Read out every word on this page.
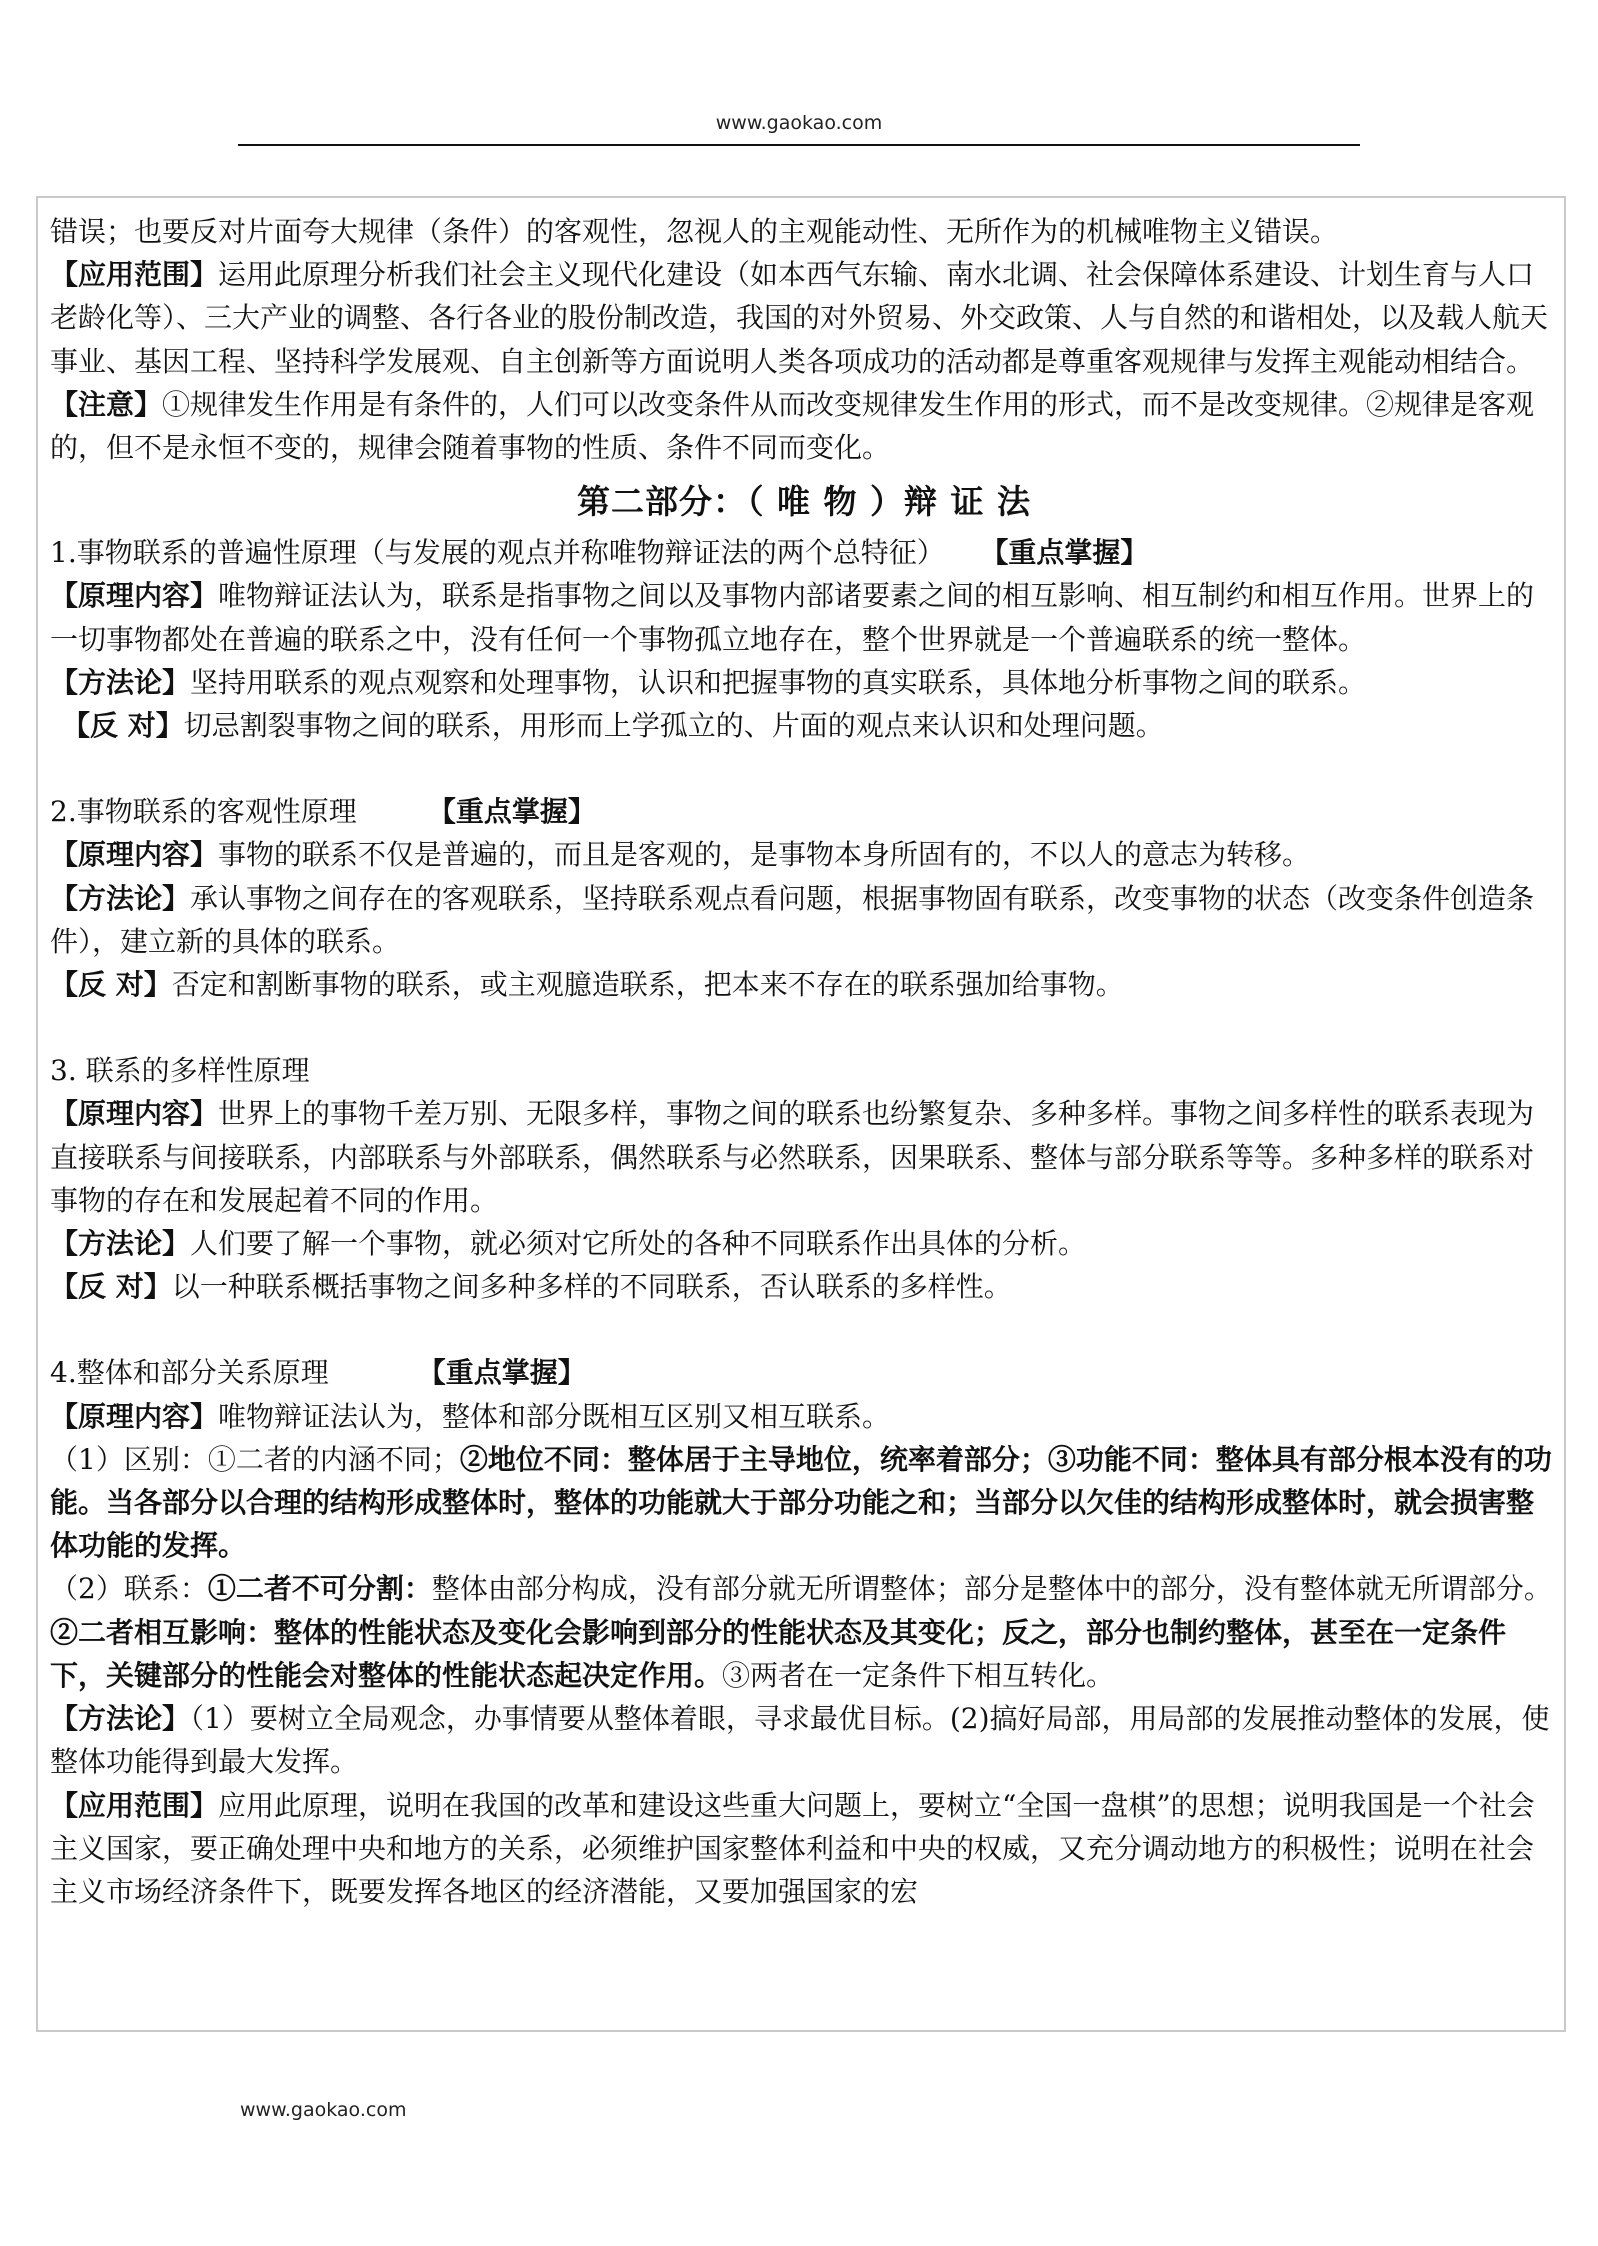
www.gaokao.com

错误；也要反对片面夸大规律（条件）的客观性，忽视人的主观能动性、无所作为的机械唯物主义错误。

【应用范围】运用此原理分析我们社会主义现代化建设（如本西气东输、南水北调、社会保障体系建设、计划生育与人口老龄化等）、三大产业的调整、各行各业的股份制改造，我国的对外贸易、外交政策、人与自然的和谐相处，以及载人航天事业、基因工程、坚持科学发展观、自主创新等方面说明人类各项成功的活动都是尊重客观规律与发挥主观能动相结合。

【注意】①规律发生作用是有条件的，人们可以改变条件从而改变规律发生作用的形式，而不是改变规律。②规律是客观的，但不是永恒不变的，规律会随着事物的性质、条件不同而变化。

第二部分：（ 唯 物 ）辩 证 法

1.事物联系的普遍性原理（与发展的观点并称唯物辩证法的两个总特征） 【重点掌握】

【原理内容】唯物辩证法认为，联系是指事物之间以及事物内部诸要素之间的相互影响、相互制约和相互作用。世界上的一切事物都处在普遍的联系之中，没有任何一个事物孤立地存在，整个世界就是一个普遍联系的统一整体。

【方法论】坚持用联系的观点观察和处理事物，认识和把握事物的真实联系，具体地分析事物之间的联系。

【反 对】切忌割裂事物之间的联系，用形而上学孤立的、片面的观点来认识和处理问题。

2.事物联系的客观性原理	【重点掌握】

【原理内容】事物的联系不仅是普遍的，而且是客观的，是事物本身所固有的，不以人的意志为转移。

【方法论】承认事物之间存在的客观联系，坚持联系观点看问题，根据事物固有联系，改变事物的状态（改变条件创造条件），建立新的具体的联系。

【反 对】否定和割断事物的联系，或主观臆造联系，把本来不存在的联系强加给事物。

3. 联系的多样性原理

【原理内容】世界上的事物千差万别、无限多样，事物之间的联系也纷繁复杂、多种多样。事物之间多样性的联系表现为直接联系与间接联系，内部联系与外部联系，偶然联系与必然联系，因果联系、整体与部分联系等等。多种多样的联系对事物的存在和发展起着不同的作用。

【方法论】人们要了解一个事物，就必须对它所处的各种不同联系作出具体的分析。

【反 对】以一种联系概括事物之间多种多样的不同联系，否认联系的多样性。

4.整体和部分关系原理	【重点掌握】

【原理内容】唯物辩证法认为，整体和部分既相互区别又相互联系。

（1）区别：①二者的内涵不同；②地位不同：整体居于主导地位，统率着部分；③功能不同：整体具有部分根本没有的功能。当各部分以合理的结构形成整体时，整体的功能就大于部分功能之和；当部分以欠佳的结构形成整体时，就会损害整体功能的发挥。

（2）联系：①二者不可分割：整体由部分构成，没有部分就无所谓整体；部分是整体中的部分，没有整体就无所谓部分。②二者相互影响：整体的性能状态及变化会影响到部分的性能状态及其变化；反之，部分也制约整体，甚至在一定条件下，关键部分的性能会对整体的性能状态起决定作用。③两者在一定条件下相互转化。

【方法论】（1）要树立全局观念，办事情要从整体着眼，寻求最优目标。(2)搞好局部，用局部的发展推动整体的发展，使整体功能得到最大发挥。

【应用范围】应用此原理，说明在我国的改革和建设这些重大问题上，要树立“全国一盘棋”的思想；说明我国是一个社会主义国家，要正确处理中央和地方的关系，必须维护国家整体利益和中央的权威，又充分调动地方的积极性；说明在社会主义市场经济条件下，既要发挥各地区的经济潜能，又要加强国家的宏

www.gaokao.com
